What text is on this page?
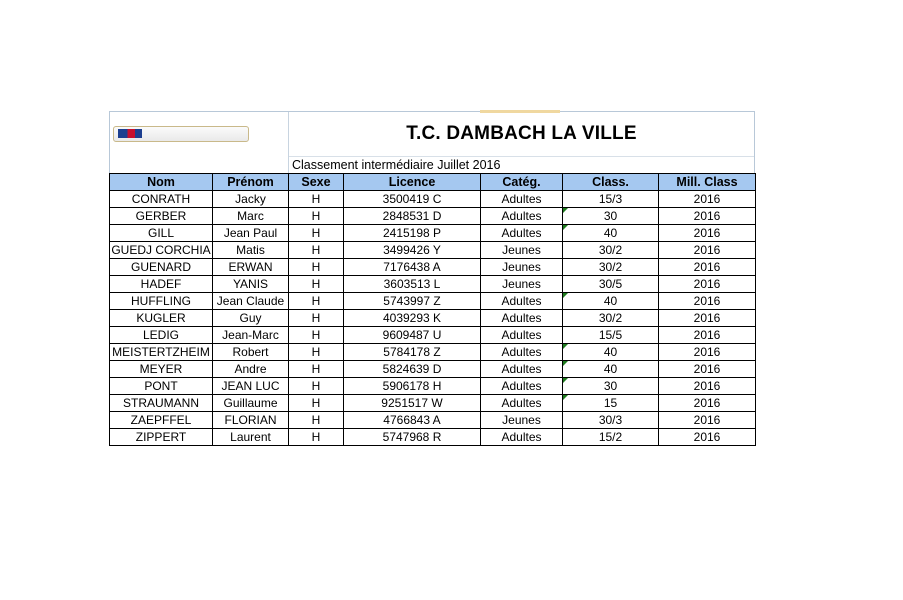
T.C. DAMBACH LA VILLE
Classement intermédiaire Juillet 2016
Nom	Prénom	Sexe	Licence	Catég.	Class.	Mill. Class
CONRATH	Jacky	H	3500419 C	Adultes	15/3	2016
GERBER	Marc	H	2848531 D	Adultes	30	2016
GILL	Jean Paul	H	2415198 P	Adultes	40	2016
GUEDJ CORCHIA	Matis	H	3499426 Y	Jeunes	30/2	2016
GUENARD	ERWAN	H	7176438 A	Jeunes	30/2	2016
HADEF	YANIS	H	3603513 L	Jeunes	30/5	2016
HUFFLING	Jean Claude	H	5743997 Z	Adultes	40	2016
KUGLER	Guy	H	4039293 K	Adultes	30/2	2016
LEDIG	Jean-Marc	H	9609487 U	Adultes	15/5	2016
MEISTERTZHEIM	Robert	H	5784178 Z	Adultes	40	2016
MEYER	Andre	H	5824639 D	Adultes	40	2016
PONT	JEAN LUC	H	5906178 H	Adultes	30	2016
STRAUMANN	Guillaume	H	9251517 W	Adultes	15	2016
ZAEPFFEL	FLORIAN	H	4766843 A	Jeunes	30/3	2016
ZIPPERT	Laurent	H	5747968 R	Adultes	15/2	2016
